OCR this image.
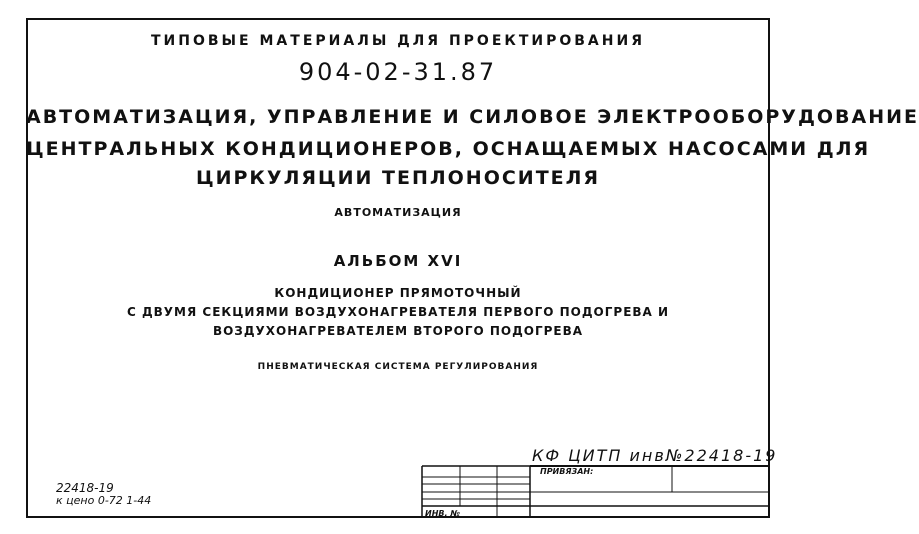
ТИПОВЫЕ МАТЕРИАЛЫ ДЛЯ ПРОЕКТИРОВАНИЯ
904-02-31.87
АВТОМАТИЗАЦИЯ, УПРАВЛЕНИЕ И СИЛОВОЕ ЭЛЕКТРООБОРУДОВАНИЕ
ЦЕНТРАЛЬНЫХ КОНДИЦИОНЕРОВ, ОСНАЩАЕМЫХ НАСОСАМИ ДЛЯ
ЦИРКУЛЯЦИИ ТЕПЛОНОСИТЕЛЯ
АВТОМАТИЗАЦИЯ
АЛЬБОМ XVI
КОНДИЦИОНЕР ПРЯМОТОЧНЫЙ
С ДВУМЯ СЕКЦИЯМИ ВОЗДУХОНАГРЕВАТЕЛЯ ПЕРВОГО ПОДОГРЕВА И
ВОЗДУХОНАГРЕВАТЕЛЕМ ВТОРОГО ПОДОГРЕВА
ПНЕВМАТИЧЕСКАЯ СИСТЕМА РЕГУЛИРОВАНИЯ
КФ ЦИТП инв№22418-19
ПРИВЯЗАН:
ИНВ. №
22418-19
к цено 0-72 1-44
